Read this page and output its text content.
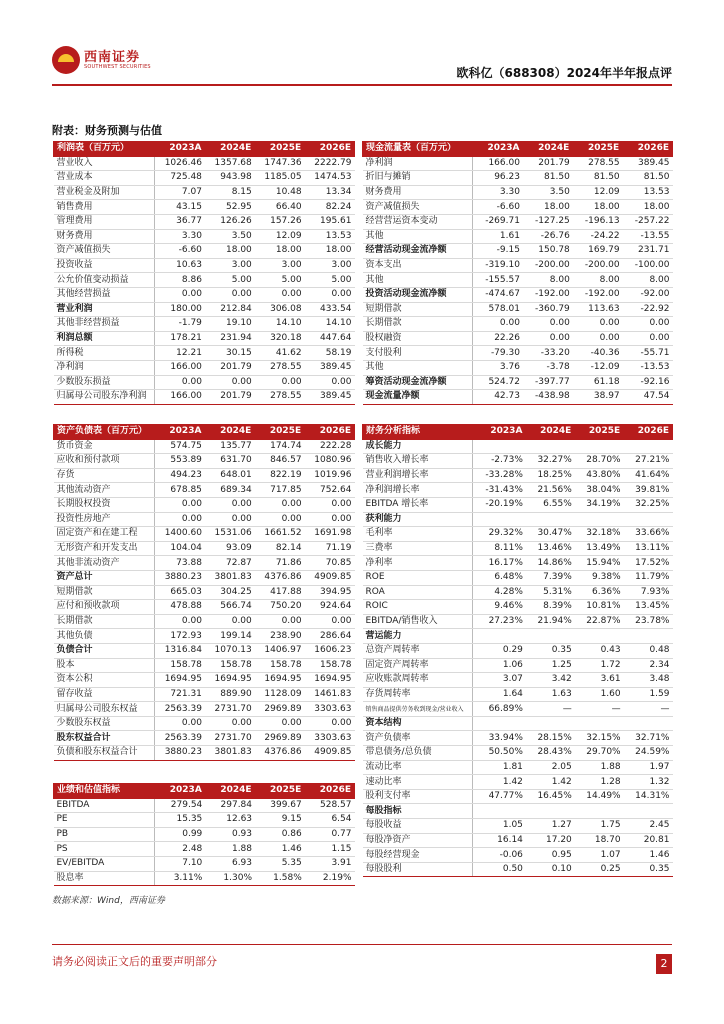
西南证券
SOUTHWEST SECURITIES	欧科亿（688308）2024年半年报点评
附表：财务预测与估值
利润表（百万元）	2023A	2024E	2025E	2026E
营业收入	1026.46	1357.68	1747.36	2222.79
营业成本	725.48	943.98	1185.05	1474.53
营业税金及附加	7.07	8.15	10.48	13.34
销售费用	43.15	52.95	66.40	82.24
管理费用	36.77	126.26	157.26	195.61
财务费用	3.30	3.50	12.09	13.53
资产减值损失	-6.60	18.00	18.00	18.00
投资收益	10.63	3.00	3.00	3.00
公允价值变动损益	8.86	5.00	5.00	5.00
其他经营损益	0.00	0.00	0.00	0.00
营业利润	180.00	212.84	306.08	433.54
其他非经营损益	-1.79	19.10	14.10	14.10
利润总额	178.21	231.94	320.18	447.64
所得税	12.21	30.15	41.62	58.19
净利润	166.00	201.79	278.55	389.45
少数股东损益	0.00	0.00	0.00	0.00
归属母公司股东净利润	166.00	201.79	278.55	389.45
现金流量表（百万元）	2023A	2024E	2025E	2026E
净利润	166.00	201.79	278.55	389.45
折旧与摊销	96.23	81.50	81.50	81.50
财务费用	3.30	3.50	12.09	13.53
资产减值损失	-6.60	18.00	18.00	18.00
经营营运资本变动	-269.71	-127.25	-196.13	-257.22
其他	1.61	-26.76	-24.22	-13.55
经营活动现金流净额	-9.15	150.78	169.79	231.71
资本支出	-319.10	-200.00	-200.00	-100.00
其他	-155.57	8.00	8.00	8.00
投资活动现金流净额	-474.67	-192.00	-192.00	-92.00
短期借款	578.01	-360.79	113.63	-22.92
长期借款	0.00	0.00	0.00	0.00
股权融资	22.26	0.00	0.00	0.00
支付股利	-79.30	-33.20	-40.36	-55.71
其他	3.76	-3.78	-12.09	-13.53
筹资活动现金流净额	524.72	-397.77	61.18	-92.16
现金流量净额	42.73	-438.98	38.97	47.54
资产负债表（百万元）	2023A	2024E	2025E	2026E
货币资金	574.75	135.77	174.74	222.28
应收和预付款项	553.89	631.70	846.57	1080.96
存货	494.23	648.01	822.19	1019.96
其他流动资产	678.85	689.34	717.85	752.64
长期股权投资	0.00	0.00	0.00	0.00
投资性房地产	0.00	0.00	0.00	0.00
固定资产和在建工程	1400.60	1531.06	1661.52	1691.98
无形资产和开发支出	104.04	93.09	82.14	71.19
其他非流动资产	73.88	72.87	71.86	70.85
资产总计	3880.23	3801.83	4376.86	4909.85
短期借款	665.03	304.25	417.88	394.95
应付和预收款项	478.88	566.74	750.20	924.64
长期借款	0.00	0.00	0.00	0.00
其他负债	172.93	199.14	238.90	286.64
负债合计	1316.84	1070.13	1406.97	1606.23
股本	158.78	158.78	158.78	158.78
资本公积	1694.95	1694.95	1694.95	1694.95
留存收益	721.31	889.90	1128.09	1461.83
归属母公司股东权益	2563.39	2731.70	2969.89	3303.63
少数股东权益	0.00	0.00	0.00	0.00
股东权益合计	2563.39	2731.70	2969.89	3303.63
负债和股东权益合计	3880.23	3801.83	4376.86	4909.85
财务分析指标	2023A	2024E	2025E	2026E
成长能力				
销售收入增长率	-2.73%	32.27%	28.70%	27.21%
营业利润增长率	-33.28%	18.25%	43.80%	41.64%
净利润增长率	-31.43%	21.56%	38.04%	39.81%
EBITDA 增长率	-20.19%	6.55%	34.19%	32.25%
获利能力				
毛利率	29.32%	30.47%	32.18%	33.66%
三费率	8.11%	13.46%	13.49%	13.11%
净利率	16.17%	14.86%	15.94%	17.52%
ROE	6.48%	7.39%	9.38%	11.79%
ROA	4.28%	5.31%	6.36%	7.93%
ROIC	9.46%	8.39%	10.81%	13.45%
EBITDA/销售收入	27.23%	21.94%	22.87%	23.78%
营运能力				
总资产周转率	0.29	0.35	0.43	0.48
固定资产周转率	1.06	1.25	1.72	2.34
应收账款周转率	3.07	3.42	3.61	3.48
存货周转率	1.64	1.63	1.60	1.59
销售商品提供劳务收到现金/营业收入	66.89%	—	—	—
资本结构				
资产负债率	33.94%	28.15%	32.15%	32.71%
带息债务/总负债	50.50%	28.43%	29.70%	24.59%
流动比率	1.81	2.05	1.88	1.97
速动比率	1.42	1.42	1.28	1.32
股利支付率	47.77%	16.45%	14.49%	14.31%
每股指标				
每股收益	1.05	1.27	1.75	2.45
每股净资产	16.14	17.20	18.70	20.81
每股经营现金	-0.06	0.95	1.07	1.46
每股股利	0.50	0.10	0.25	0.35
业绩和估值指标	2023A	2024E	2025E	2026E
EBITDA	279.54	297.84	399.67	528.57
PE	15.35	12.63	9.15	6.54
PB	0.99	0.93	0.86	0.77
PS	2.48	1.88	1.46	1.15
EV/EBITDA	7.10	6.93	5.35	3.91
股息率	3.11%	1.30%	1.58%	2.19%
数据来源：Wind，西南证券
请务必阅读正文后的重要声明部分	2
